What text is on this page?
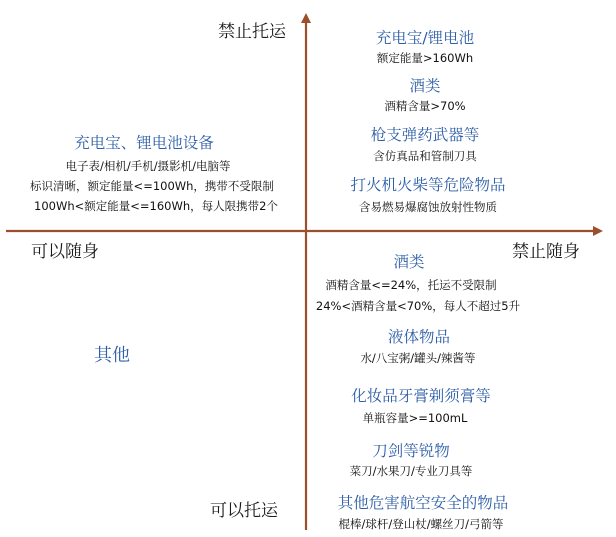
禁止托运
可以托运
可以随身	禁止随身
充电宝/锂电池
额定能量>160Wh
酒类
酒精含量>70%
枪支弹药武器等
含仿真品和管制刀具
打火机火柴等危险物品
含易燃易爆腐蚀放射性物质
充电宝、锂电池设备
电子表/相机/手机/摄影机/电脑等
标识清晰，额定能量<=100Wh，携带不受限制
100Wh<额定能量<=160Wh，每人限携带2个
其他
酒类
酒精含量<=24%，托运不受限制
24%<酒精含量<70%，每人不超过5升
液体物品
水/八宝粥/罐头/辣酱等
化妆品牙膏剃须膏等
单瓶容量>=100mL
刀剑等锐物
菜刀/水果刀/专业刀具等
其他危害航空安全的物品
棍棒/球杆/登山杖/螺丝刀/弓箭等
